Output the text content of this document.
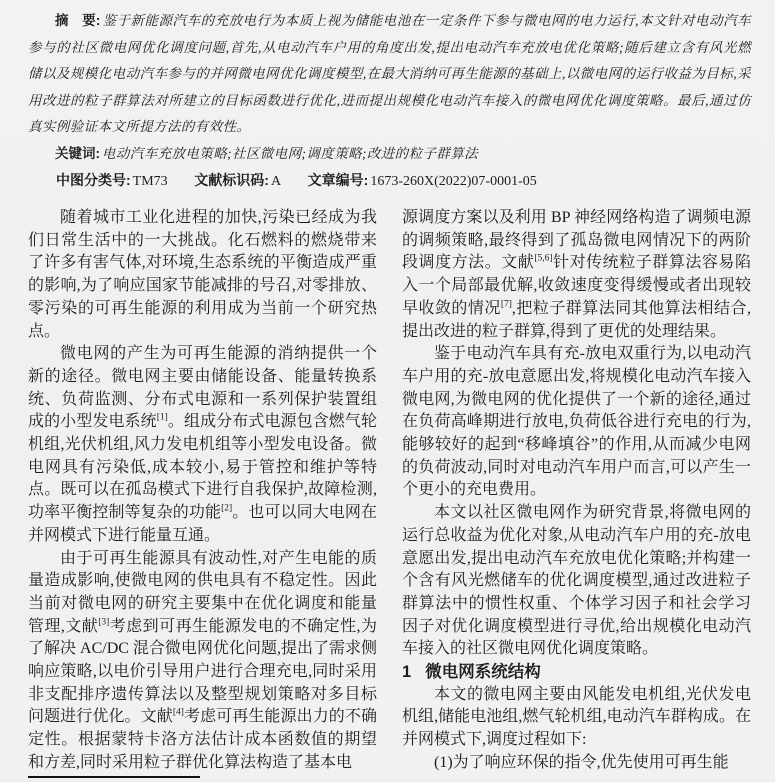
摘　要: 鉴于新能源汽车的充放电行为本质上视为储能电池在一定条件下参与微电网的电力运行,本文针对电动汽车参与的社区微电网优化调度问题,首先,从电动汽车户用的角度出发,提出电动汽车充放电优化策略;随后建立含有风光燃储以及规模化电动汽车参与的并网微电网优化调度模型,在最大消纳可再生能源的基础上,以微电网的运行收益为目标,采用改进的粒子群算法对所建立的目标函数进行优化,进而提出规模化电动汽车接入的微电网优化调度策略。最后,通过仿真实例验证本文所提方法的有效性。

关键词: 电动汽车充放电策略;社区微电网;调度策略;改进的粒子群算法

中图分类号: TM73 文献标识码: A 文章编号: 1673-260X(2022)07-0001-05

随着城市工业化进程的加快,污染已经成为我们日常生活中的一大挑战。化石燃料的燃烧带来了许多有害气体,对环境,生态系统的平衡造成严重的影响,为了响应国家节能减排的号召,对零排放、零污染的可再生能源的利用成为当前一个研究热点。

微电网的产生为可再生能源的消纳提供一个新的途径。微电网主要由储能设备、能量转换系统、负荷监测、分布式电源和一系列保护装置组成的小型发电系统[1]。组成分布式电源包含燃气轮机组,光伏机组,风力发电机组等小型发电设备。微电网具有污染低,成本较小,易于管控和维护等特点。既可以在孤岛模式下进行自我保护,故障检测,功率平衡控制等复杂的功能[2]。也可以同大电网在并网模式下进行能量互通。

由于可再生能源具有波动性,对产生电能的质量造成影响,使微电网的供电具有不稳定性。因此当前对微电网的研究主要集中在优化调度和能量管理,文献[3]考虑到可再生能源发电的不确定性,为了解决 AC/DC 混合微电网优化问题,提出了需求侧响应策略,以电价引导用户进行合理充电,同时采用非支配排序遗传算法以及整型规划策略对多目标问题进行优化。文献[4]考虑可再生能源出力的不确定性。根据蒙特卡洛方法估计成本函数值的期望和方差,同时采用粒子群优化算法构造了基本电

源调度方案以及利用 BP 神经网络构造了调频电源的调频策略,最终得到了孤岛微电网情况下的两阶段调度方法。文献[5,6]针对传统粒子群算法容易陷入一个局部最优解,收敛速度变得缓慢或者出现较早收敛的情况[7],把粒子群算法同其他算法相结合,提出改进的粒子群算,得到了更优的处理结果。

鉴于电动汽车具有充-放电双重行为,以电动汽车户用的充-放电意愿出发,将规模化电动汽车接入微电网,为微电网的优化提供了一个新的途径,通过在负荷高峰期进行放电,负荷低谷进行充电的行为,能够较好的起到“移峰填谷”的作用,从而减少电网的负荷波动,同时对电动汽车用户而言,可以产生一个更小的充电费用。

本文以社区微电网作为研究背景,将微电网的运行总收益为优化对象,从电动汽车户用的充-放电意愿出发,提出电动汽车充放电优化策略;并构建一个含有风光燃储车的优化调度模型,通过改进粒子群算法中的惯性权重、个体学习因子和社会学习因子对优化调度模型进行寻优,给出规模化电动汽车接入的社区微电网优化调度策略。

1 微电网系统结构

本文的微电网主要由风能发电机组,光伏发电机组,储能电池组,燃气轮机组,电动汽车群构成。在并网模式下,调度过程如下:

(1)为了响应环保的指令,优先使用可再生能
